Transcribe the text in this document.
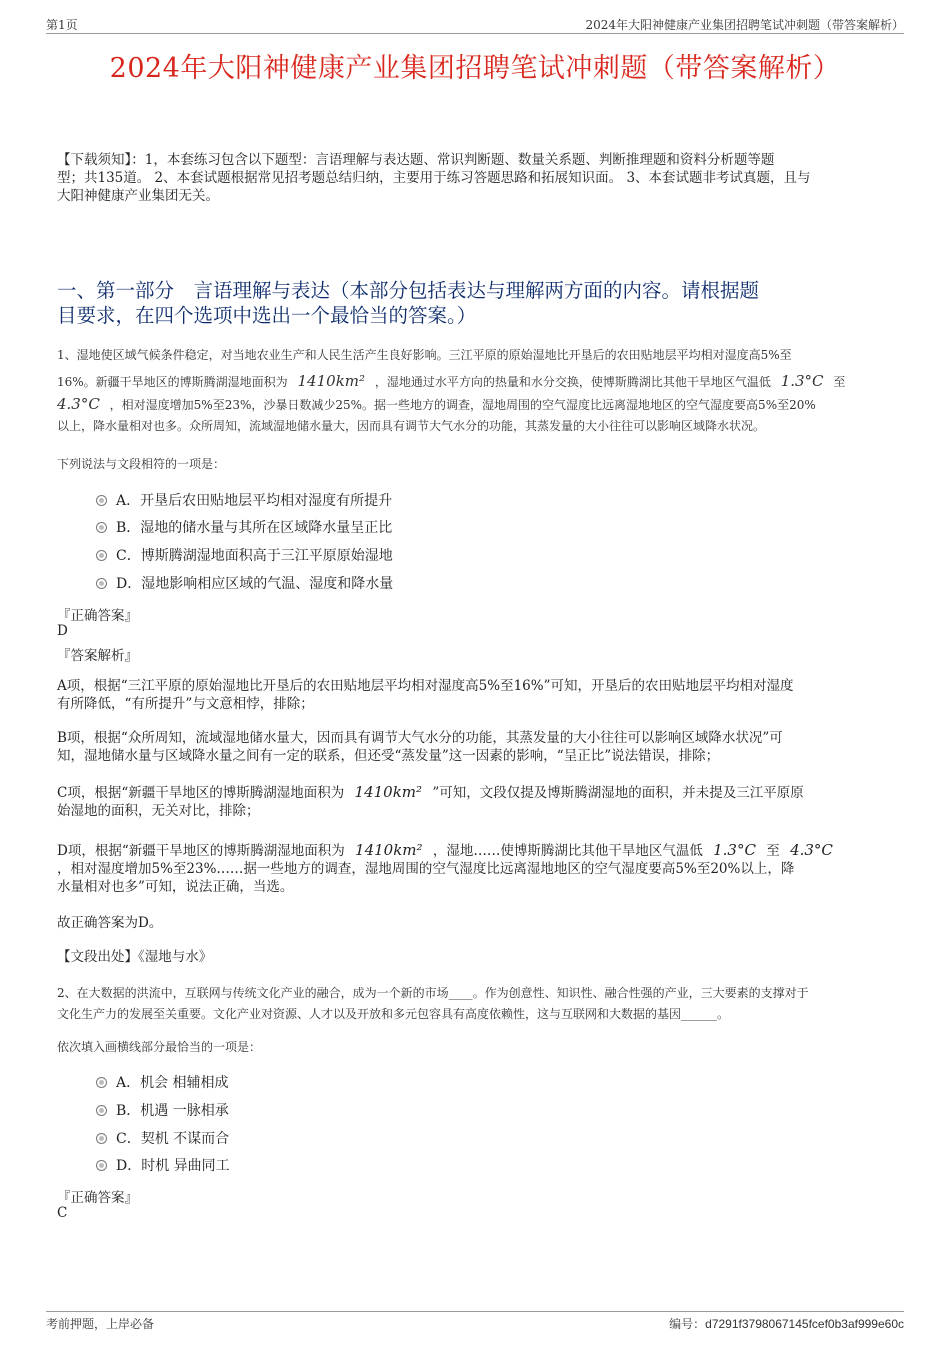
第1页	2024年大阳神健康产业集团招聘笔试冲刺题（带答案解析）
2024年大阳神健康产业集团招聘笔试冲刺题（带答案解析）
【下载须知】：1，本套练习包含以下题型：言语理解与表达题、常识判断题、数量关系题、判断推理题和资料分析题等题
型；共135道。 2、本套试题根据常见招考题总结归纳，主要用于练习答题思路和拓展知识面。 3、本套试题非考试真题，且与
大阳神健康产业集团无关。
一、第一部分　言语理解与表达（本部分包括表达与理解两方面的内容。请根据题
目要求，在四个选项中选出一个最恰当的答案。）
1、湿地使区域气候条件稳定，对当地农业生产和人民生活产生良好影响。三江平原的原始湿地比开垦后的农田贴地层平均相对湿度高5%至
16%。新疆干旱地区的博斯腾湖湿地面积为 1410km² ，湿地通过水平方向的热量和水分交换，使博斯腾湖比其他干旱地区气温低 1.3°C 至
4.3°C ，相对湿度增加5%至23%，沙暴日数减少25%。据一些地方的调查，湿地周围的空气湿度比远离湿地地区的空气湿度要高5%至20%
以上，降水量相对也多。众所周知，流域湿地储水量大，因而具有调节大气水分的功能，其蒸发量的大小往往可以影响区域降水状况。
下列说法与文段相符的一项是：
A．开垦后农田贴地层平均相对湿度有所提升
B．湿地的储水量与其所在区域降水量呈正比
C．博斯腾湖湿地面积高于三江平原原始湿地
D．湿地影响相应区域的气温、湿度和降水量
『正确答案』
D
『答案解析』
A项，根据“三江平原的原始湿地比开垦后的农田贴地层平均相对湿度高5%至16%”可知，开垦后的农田贴地层平均相对湿度
有所降低，“有所提升”与文意相悖，排除；
B项，根据“众所周知，流域湿地储水量大，因而具有调节大气水分的功能，其蒸发量的大小往往可以影响区域降水状况”可
知，湿地储水量与区域降水量之间有一定的联系，但还受“蒸发量”这一因素的影响，“呈正比”说法错误，排除；
C项，根据“新疆干旱地区的博斯腾湖湿地面积为 1410km² ”可知，文段仅提及博斯腾湖湿地的面积，并未提及三江平原原
始湿地的面积，无关对比，排除；
D项，根据“新疆干旱地区的博斯腾湖湿地面积为 1410km² ，湿地……使博斯腾湖比其他干旱地区气温低 1.3°C 至 4.3°C
，相对湿度增加5%至23%……据一些地方的调查，湿地周围的空气湿度比远离湿地地区的空气湿度要高5%至20%以上，降
水量相对也多”可知，说法正确，当选。
故正确答案为D。
【文段出处】《湿地与水》
2、在大数据的洪流中，互联网与传统文化产业的融合，成为一个新的市场____。作为创意性、知识性、融合性强的产业，三大要素的支撑对于
文化生产力的发展至关重要。文化产业对资源、人才以及开放和多元包容具有高度依赖性，这与互联网和大数据的基因______。
依次填入画横线部分最恰当的一项是：
A．机会 相辅相成
B．机遇 一脉相承
C．契机 不谋而合
D．时机 异曲同工
『正确答案』
C
考前押题，上岸必备	编号：d7291f3798067145fcef0b3af999e60c
